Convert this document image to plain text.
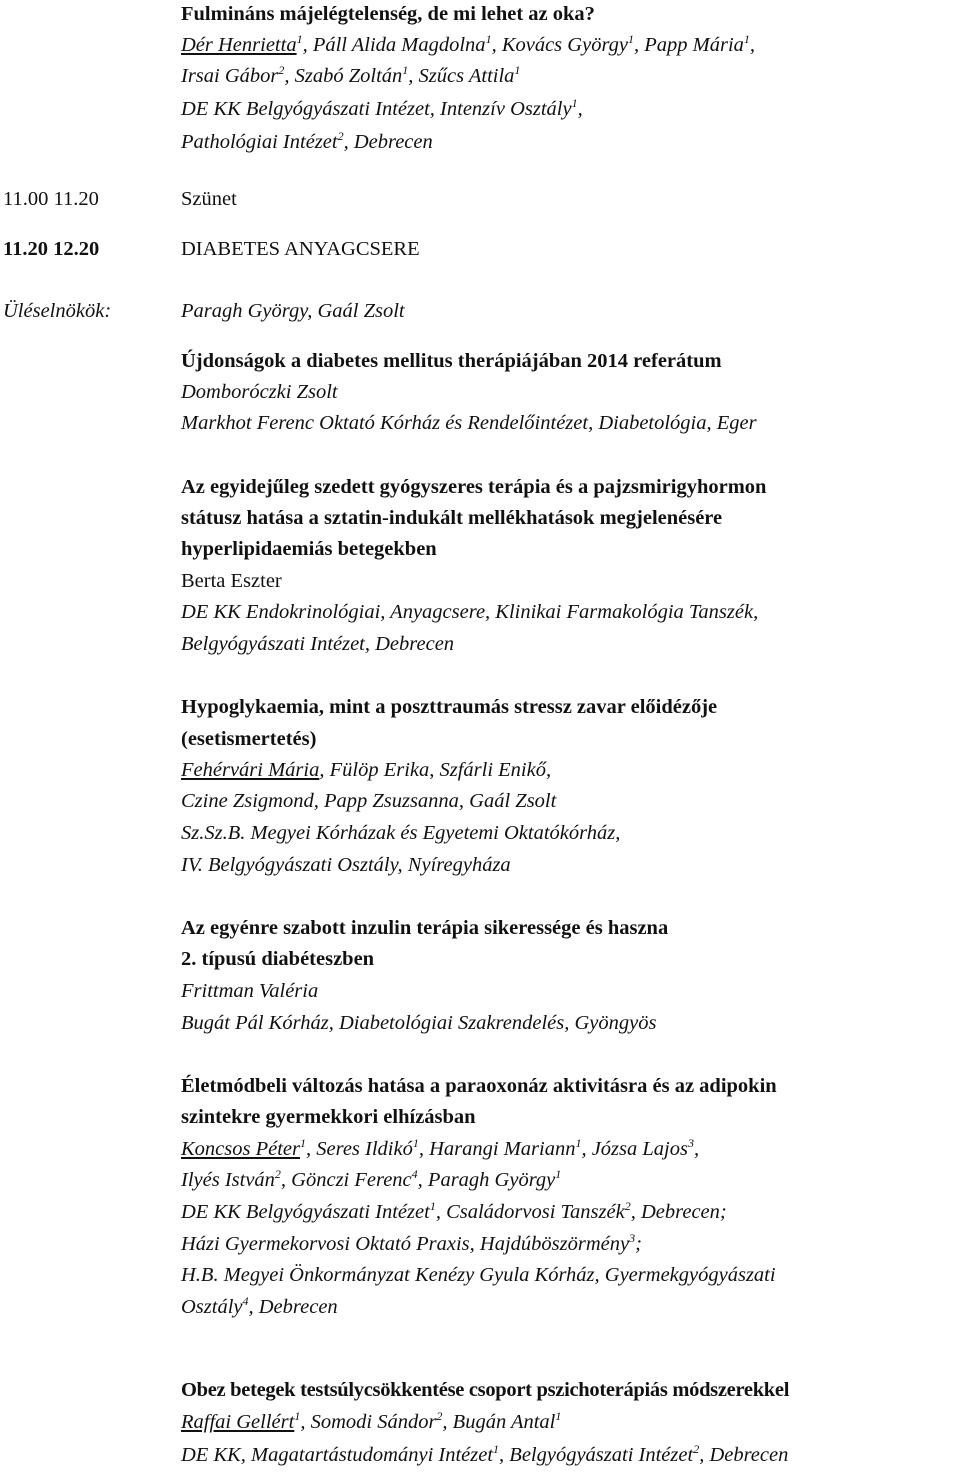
Fulmináns májelégtelenség, de mi lehet az oka?
Dér Henrietta$^1$, Páll Alida Magdolna$^1$, Kovács György$^1$, Papp Mária$^1$,
Irsai Gábor$^2$, Szabó Zoltán$^1$, Szűcs Attila$^1$
DE KK Belgyógyászati Intézet, Intenzív Osztály$^1$,
Pathológiai Intézet$^2$, Debrecen
11.00 11.20	Szünet
11.20 12.20	DIABETES ANYAGCSERE
Üléselnökök:	Paragh György, Gaál Zsolt
Újdonságok a diabetes mellitus therápiájában 2014 referátum
Domboróczki Zsolt
Markhot Ferenc Oktató Kórház és Rendelőintézet, Diabetológia, Eger
Az egyidejűleg szedett gyógyszeres terápia és a pajzsmirigyhormon
státusz hatása a sztatin-indukált mellékhatások megjelenésére
hyperlipidaemiás betegekben
Berta Eszter
DE KK Endokrinológiai, Anyagcsere, Klinikai Farmakológia Tanszék,
Belgyógyászati Intézet, Debrecen
Hypoglykaemia, mint a poszttraumás stressz zavar előidézője
(esetismertetés)
Fehérvári Mária, Fülöp Erika, Szfárli Enikő,
Czine Zsigmond, Papp Zsuzsanna, Gaál Zsolt
Sz.Sz.B. Megyei Kórházak és Egyetemi Oktatókórház,
IV. Belgyógyászati Osztály, Nyíregyháza
Az egyénre szabott inzulin terápia sikeressége és haszna
2. típusú diabéteszben
Frittman Valéria
Bugát Pál Kórház, Diabetológiai Szakrendelés, Gyöngyös
Életmódbeli változás hatása a paraoxonáz aktivitásra és az adipokin
szintekre gyermekkori elhízásban
Koncsos Péter$^1$, Seres Ildikó$^1$, Harangi Mariann$^1$, Józsa Lajos$^3$,
Ilyés István$^2$, Gönczi Ferenc$^4$, Paragh György$^1$
DE KK Belgyógyászati Intézet$^1$, Családorvosi Tanszék$^2$, Debrecen;
Házi Gyermekorvosi Oktató Praxis, Hajdúböszörmény$^3$;
H.B. Megyei Önkormányzat Kenézy Gyula Kórház, Gyermekgyógyászati
Osztály$^4$, Debrecen
Obez betegek testsúlycsökkentése csoport pszichoterápiás módszerekkel
Raffai Gellért$^1$, Somodi Sándor$^2$, Bugán Antal$^1$
DE KK, Magatartástudományi Intézet$^1$, Belgyógyászati Intézet$^2$, Debrecen
